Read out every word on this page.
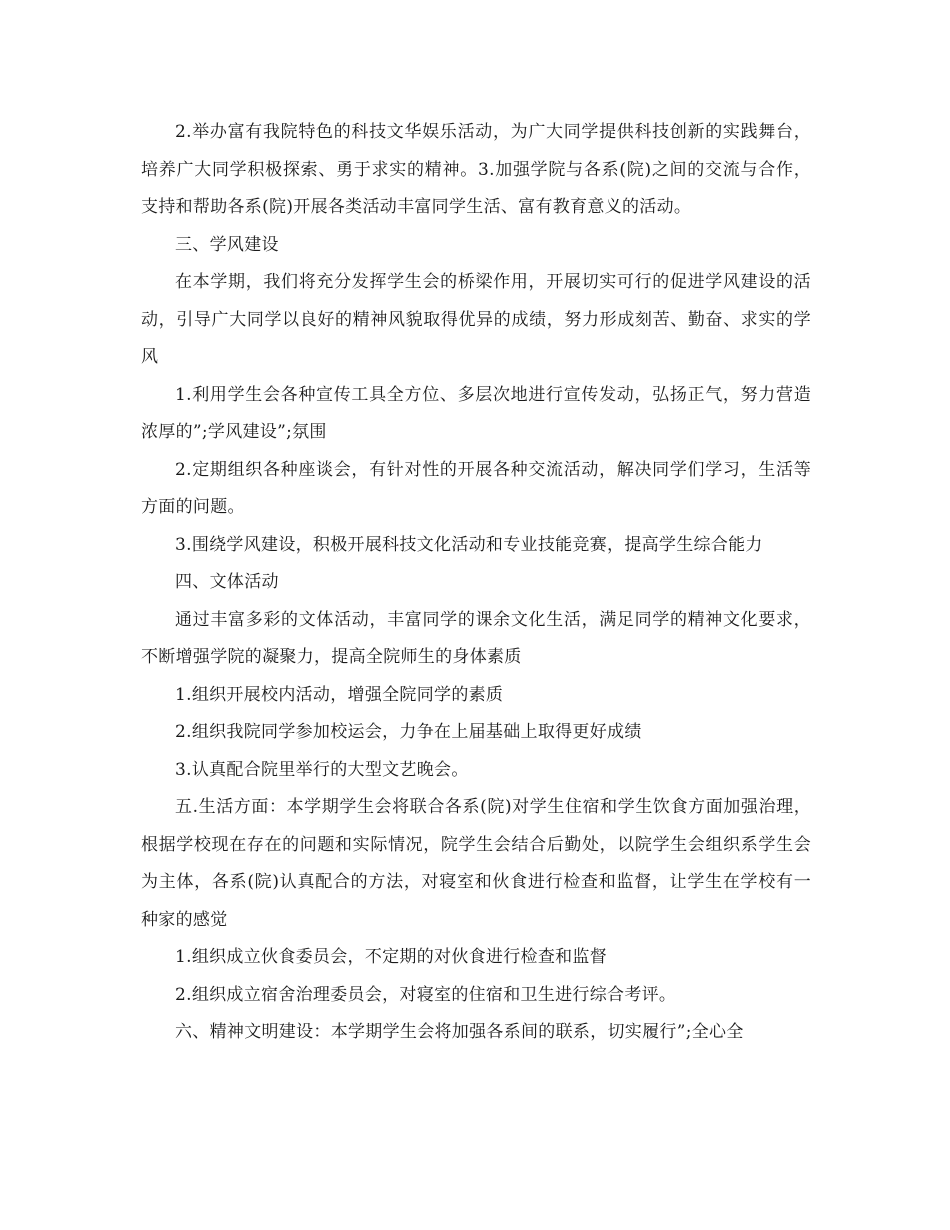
2.举办富有我院特色的科技文华娱乐活动，为广大同学提供科技创新的实践舞台，培养广大同学积极探索、勇于求实的精神。3.加强学院与各系(院)之间的交流与合作，支持和帮助各系(院)开展各类活动丰富同学生活、富有教育意义的活动。

三、学风建设

在本学期，我们将充分发挥学生会的桥梁作用，开展切实可行的促进学风建设的活动，引导广大同学以良好的精神风貌取得优异的成绩，努力形成刻苦、勤奋、求实的学风

1.利用学生会各种宣传工具全方位、多层次地进行宣传发动，弘扬正气，努力营造浓厚的”;学风建设”;氛围

2.定期组织各种座谈会，有针对性的开展各种交流活动，解决同学们学习，生活等方面的问题。

3.围绕学风建设，积极开展科技文化活动和专业技能竞赛，提高学生综合能力

四、文体活动

通过丰富多彩的文体活动，丰富同学的课余文化生活，满足同学的精神文化要求，不断增强学院的凝聚力，提高全院师生的身体素质

1.组织开展校内活动，增强全院同学的素质

2.组织我院同学参加校运会，力争在上届基础上取得更好成绩

3.认真配合院里举行的大型文艺晚会。

五.生活方面：本学期学生会将联合各系(院)对学生住宿和学生饮食方面加强治理，根据学校现在存在的问题和实际情况，院学生会结合后勤处，以院学生会组织系学生会为主体，各系(院)认真配合的方法，对寝室和伙食进行检查和监督，让学生在学校有一种家的感觉

1.组织成立伙食委员会，不定期的对伙食进行检查和监督

2.组织成立宿舍治理委员会，对寝室的住宿和卫生进行综合考评。

六、精神文明建设：本学期学生会将加强各系间的联系，切实履行”;全心全
